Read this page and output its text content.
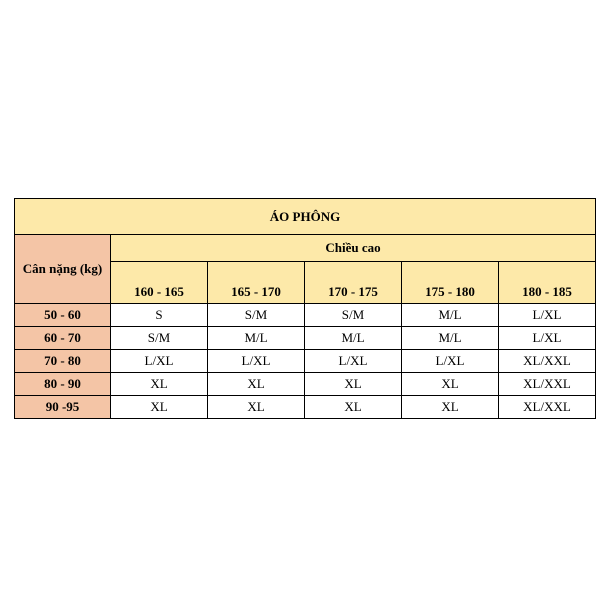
ÁO PHÔNG					
Cân nặng (kg)	Chiều cao				
	160 - 165	165 - 170	170 - 175	175 - 180	180 - 185
50 - 60	S	S/M	S/M	M/L	L/XL
60 - 70	S/M	M/L	M/L	M/L	L/XL
70 - 80	L/XL	L/XL	L/XL	L/XL	XL/XXL
80 - 90	XL	XL	XL	XL	XL/XXL
90 -95	XL	XL	XL	XL	XL/XXL
